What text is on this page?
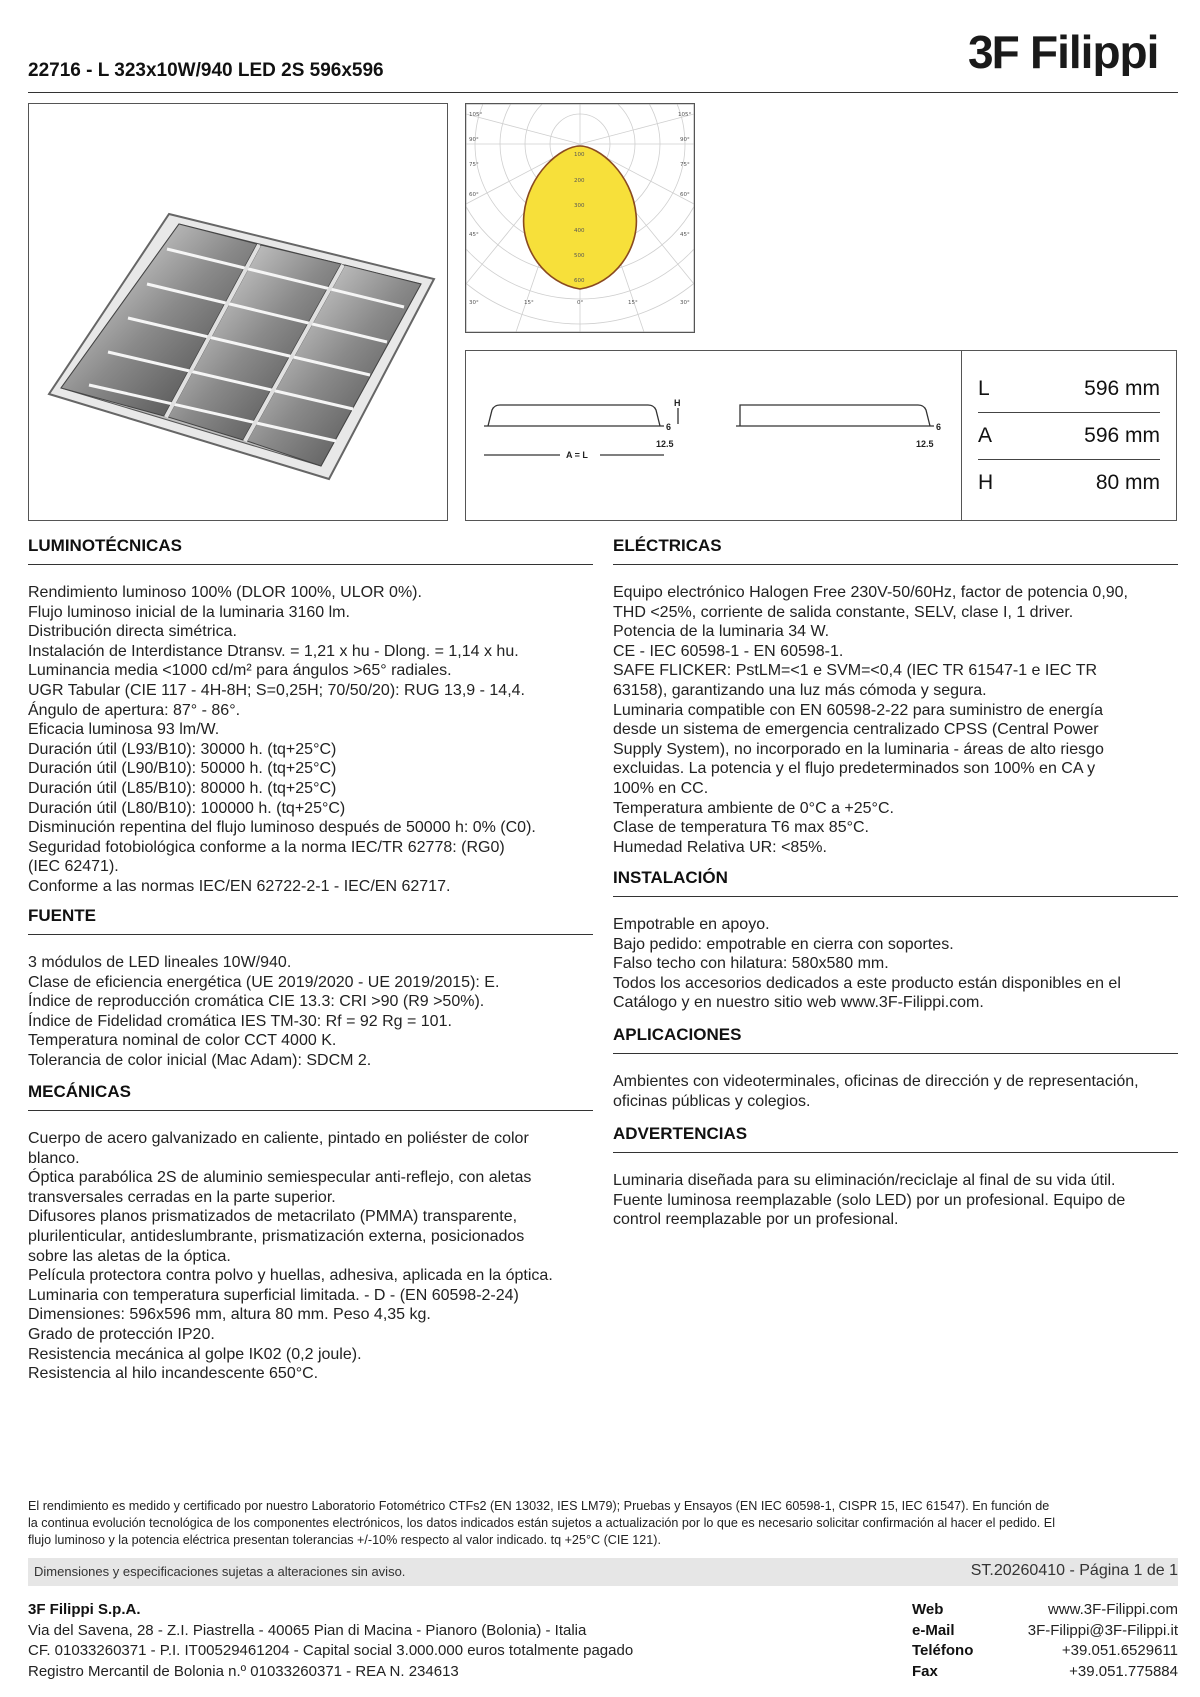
22716 - L 323x10W/940 LED 2S 596x596	3F Filippi
105°
90°
75°
60°
45°
30°
105°
90°
75°
60°
45°
30°
15°	0°	15°
100
200
300
400
500
600
H
6
12.5
A = L
6
12.5
L	596 mm
A	596 mm
H	80 mm
LUMINOTÉCNICAS
Rendimiento luminoso 100% (DLOR 100%, ULOR 0%).
Flujo luminoso inicial de la luminaria 3160 lm.
Distribución directa simétrica.
Instalación de Interdistance Dtransv. = 1,21 x hu - Dlong. = 1,14 x hu.
Luminancia media <1000 cd/m² para ángulos >65° radiales.
UGR Tabular (CIE 117 - 4H-8H; S=0,25H; 70/50/20): RUG 13,9 - 14,4.
Ángulo de apertura: 87° - 86°.
Eficacia luminosa 93 lm/W.
Duración útil (L93/B10): 30000 h. (tq+25°C)
Duración útil (L90/B10): 50000 h. (tq+25°C)
Duración útil (L85/B10): 80000 h. (tq+25°C)
Duración útil (L80/B10): 100000 h. (tq+25°C)
Disminución repentina del flujo luminoso después de 50000 h: 0% (C0).
Seguridad fotobiológica conforme a la norma IEC/TR 62778: (RG0)
(IEC 62471).
Conforme a las normas IEC/EN 62722-2-1 - IEC/EN 62717.
FUENTE
3 módulos de LED lineales 10W/940.
Clase de eficiencia energética (UE 2019/2020 - UE 2019/2015): E.
Índice de reproducción cromática CIE 13.3: CRI >90 (R9 >50%).
Índice de Fidelidad cromática IES TM-30: Rf = 92 Rg = 101.
Temperatura nominal de color CCT 4000 K.
Tolerancia de color inicial (Mac Adam): SDCM 2.
MECÁNICAS
Cuerpo de acero galvanizado en caliente, pintado en poliéster de color
blanco.
Óptica parabólica 2S de aluminio semiespecular anti-reflejo, con aletas
transversales cerradas en la parte superior.
Difusores planos prismatizados de metacrilato (PMMA) transparente,
plurilenticular, antideslumbrante, prismatización externa, posicionados
sobre las aletas de la óptica.
Película protectora contra polvo y huellas, adhesiva, aplicada en la óptica.
Luminaria con temperatura superficial limitada. - D - (EN 60598-2-24)
Dimensiones: 596x596 mm, altura 80 mm. Peso 4,35 kg.
Grado de protección IP20.
Resistencia mecánica al golpe IK02 (0,2 joule).
Resistencia al hilo incandescente 650°C.
ELÉCTRICAS
Equipo electrónico Halogen Free 230V-50/60Hz, factor de potencia 0,90,
THD <25%, corriente de salida constante, SELV, clase I, 1 driver.
Potencia de la luminaria 34 W.
CE - IEC 60598-1 - EN 60598-1.
SAFE FLICKER: PstLM=<1 e SVM=<0,4 (IEC TR 61547-1 e IEC TR
63158), garantizando una luz más cómoda y segura.
Luminaria compatible con EN 60598-2-22 para suministro de energía
desde un sistema de emergencia centralizado CPSS (Central Power
Supply System), no incorporado en la luminaria - áreas de alto riesgo
excluidas. La potencia y el flujo predeterminados son 100% en CA y
100% en CC.
Temperatura ambiente de 0°C a +25°C.
Clase de temperatura T6 max 85°C.
Humedad Relativa UR: <85%.
INSTALACIÓN
Empotrable en apoyo.
Bajo pedido: empotrable en cierra con soportes.
Falso techo con hilatura: 580x580 mm.
Todos los accesorios dedicados a este producto están disponibles en el
Catálogo y en nuestro sitio web www.3F-Filippi.com.
APLICACIONES
Ambientes con videoterminales, oficinas de dirección y de representación,
oficinas públicas y colegios.
ADVERTENCIAS
Luminaria diseñada para su eliminación/reciclaje al final de su vida útil.
Fuente luminosa reemplazable (solo LED) por un profesional. Equipo de
control reemplazable por un profesional.
El rendimiento es medido y certificado por nuestro Laboratorio Fotométrico CTFs2 (EN 13032, IES LM79); Pruebas y Ensayos (EN IEC 60598-1, CISPR 15, IEC 61547). En función de
la continua evolución tecnológica de los componentes electrónicos, los datos indicados están sujetos a actualización por lo que es necesario solicitar confirmación al hacer el pedido. El
flujo luminoso y la potencia eléctrica presentan tolerancias +/-10% respecto al valor indicado. tq +25°C (CIE 121).
Dimensiones y especificaciones sujetas a alteraciones sin aviso.	ST.20260410 - Página 1 de 1
3F Filippi S.p.A.
Via del Savena, 28 - Z.I. Piastrella - 40065 Pian di Macina - Pianoro (Bolonia) - Italia
CF. 01033260371 - P.I. IT00529461204 - Capital social 3.000.000 euros totalmente pagado
Registro Mercantil de Bolonia n.º 01033260371 - REA N. 234613
Web	www.3F-Filippi.com
e-Mail	3F-Filippi@3F-Filippi.it
Teléfono	+39.051.6529611
Fax	+39.051.775884
